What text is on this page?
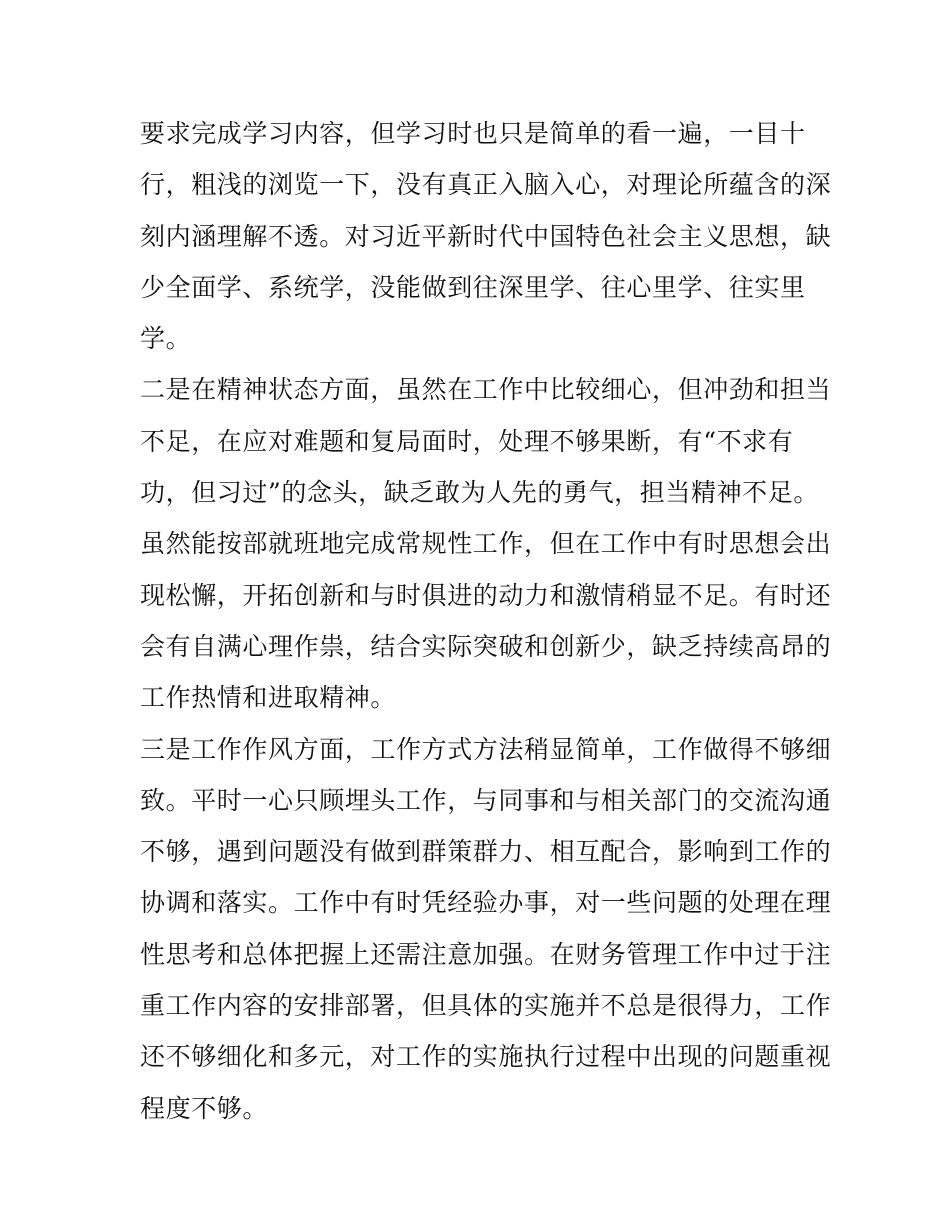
要求完成学习内容，但学习时也只是简单的看一遍，一目十
行，粗浅的浏览一下，没有真正入脑入心，对理论所蕴含的深
刻内涵理解不透。对习近平新时代中国特色社会主义思想，缺
少全面学、系统学，没能做到往深里学、往心里学、往实里
学。
二是在精神状态方面，虽然在工作中比较细心，但冲劲和担当
不足，在应对难题和复局面时，处理不够果断，有“不求有
功，但习过”的念头，缺乏敢为人先的勇气，担当精神不足。
虽然能按部就班地完成常规性工作，但在工作中有时思想会出
现松懈，开拓创新和与时俱进的动力和激情稍显不足。有时还
会有自满心理作祟，结合实际突破和创新少，缺乏持续高昂的
工作热情和进取精神。
三是工作作风方面，工作方式方法稍显简单，工作做得不够细
致。平时一心只顾埋头工作，与同事和与相关部门的交流沟通
不够，遇到问题没有做到群策群力、相互配合，影响到工作的
协调和落实。工作中有时凭经验办事，对一些问题的处理在理
性思考和总体把握上还需注意加强。在财务管理工作中过于注
重工作内容的安排部署，但具体的实施并不总是很得力，工作
还不够细化和多元，对工作的实施执行过程中出现的问题重视
程度不够。
